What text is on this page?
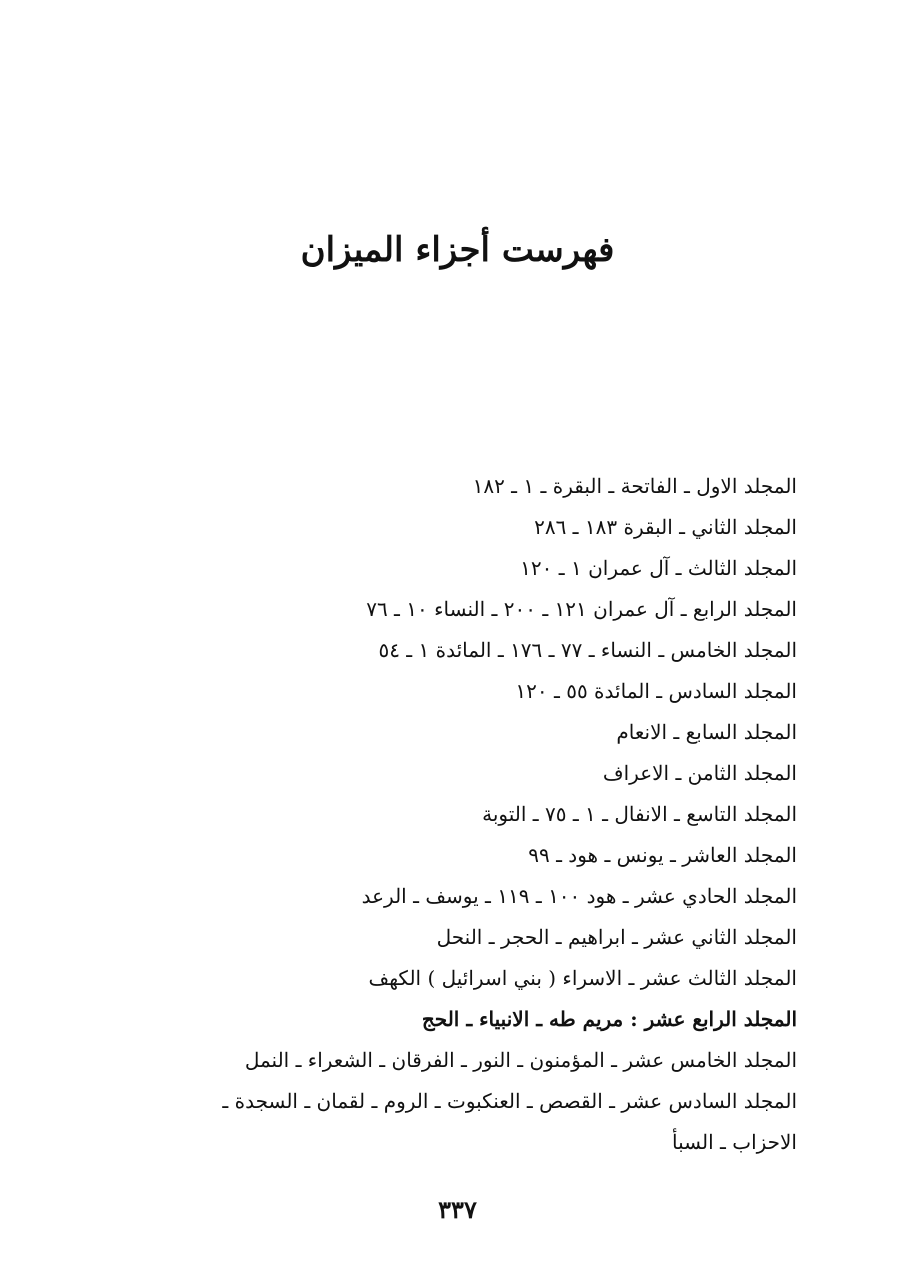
فهرست أجزاء الميزان
المجلد الاول ـ الفاتحة ـ البقرة ـ ١ ـ ١٨٢
المجلد الثاني ـ البقرة ١٨٣ ـ ٢٨٦
المجلد الثالث ـ آل عمران ١ ـ ١٢٠
المجلد الرابع ـ آل عمران ١٢١ ـ ٢٠٠ ـ النساء ١٠ ـ ٧٦
المجلد الخامس ـ النساء ـ ٧٧ ـ ١٧٦ ـ المائدة ١ ـ ٥٤
المجلد السادس ـ المائدة ٥٥ ـ ١٢٠
المجلد السابع ـ الانعام
المجلد الثامن ـ الاعراف
المجلد التاسع ـ الانفال ـ ١ ـ ٧٥ ـ التوبة
المجلد العاشر ـ يونس ـ هود ـ ٩٩
المجلد الحادي عشر ـ هود ١٠٠ ـ ١١٩ ـ يوسف ـ الرعد
المجلد الثاني عشر ـ ابراهيم ـ الحجر ـ النحل
المجلد الثالث عشر ـ الاسراء ( بني اسرائيل ) الكهف
المجلد الرابع عشر : مريم طه ـ الانبياء ـ الحج
المجلد الخامس عشر ـ المؤمنون ـ النور ـ الفرقان ـ الشعراء ـ النمل
المجلد السادس عشر ـ القصص ـ العنكبوت ـ الروم ـ لقمان ـ السجدة ـ
الاحزاب ـ السبأ
٣٣٧
